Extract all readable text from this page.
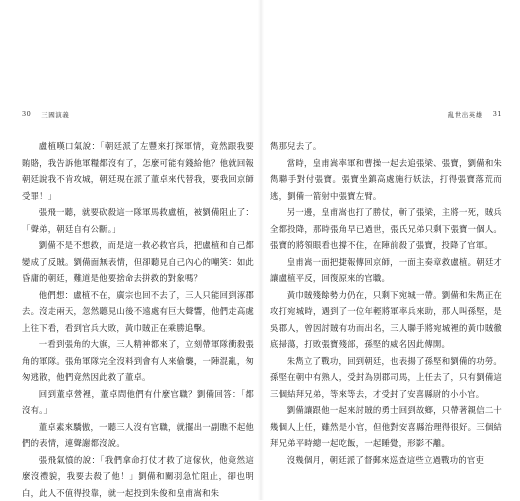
30 三國演義

盧植嘆口氣說：「朝廷派了左豐來打探軍情，竟然跟我要賄賂，我告訴他軍糧都沒有了，怎麼可能有錢給他？他就回報朝廷說我不肯攻城，朝廷現在派了董卓來代替我，要我回京師受罪！」

張飛一聽，就要砍殺這一隊軍馬救盧植，被劉備阻止了：「聲弟，朝廷自有公斷。」

劉備不是不想救，而是這一救必救官兵，把盧植和自己都變成了反賊。劉備面無表情，但卻聽見自己內心的嘲笑：如此昏庸的朝廷，難道是他要捨命去拼救的對象嗎？

他們想：盧植不在，廣宗也回不去了，三人只能回到涿郡去。沒走兩天，忽然聽見山後不遠處有巨大聲響，他們走高處上往下看，看到官兵大敗，黃巾賊正在乘勝追擊。

一看到張角的大旗，三人精神都來了，立刻帶軍隊衝殺張角的軍隊。張角軍隊完全沒料到會有人來偷襲，一陣混亂，匆匆逃散，他們竟然因此救了董卓。

回到董卓營裡，董卓問他們有什麼官職？劉備回答：「都沒有。」

董卓素來驕傲，一聽三人沒有官職，就擺出一副瞧不起他們的表情，連聲謝都沒說。

張飛氣憤的說：「我們拿命打仗才救了這傢伙，他竟然這麼沒禮貌，我要去殺了他！」劉備和關羽急忙阻止，卻也明白，此人不值得投靠，就一起投到朱俊和皇甫嵩和朱

亂世出英雄 31

雋那兒去了。

當時，皇甫嵩率軍和曹操一起去追張梁、張寶，劉備和朱雋聯手對付張寶。張寶坐鎮高處施行妖法，打得張寶落荒而逃，劉備一箭射中張寶左臂。

另一邊，皇甫嵩也打了勝仗，斬了張梁，主將一死，賊兵全都投降，那時張角早已過世，張氏兄弟只剩下張寶一個人。張寶的將領眼看也撐不住，在陣前殺了張寶，投降了官軍。

皇甫嵩一面把捷報傳回京師，一面主奏章救盧植。朝廷才讓盧植平反，回復原來的官職。

黃巾賊殘餘勢力仍在，只剩下宛城一帶。劉備和朱雋正在攻打宛城時，遇到了一位年輕將軍率兵來助，那人叫孫堅，是吳郡人，曾因討賊有功而出名，三人聯手將宛城裡的黃巾賊徹底掃蕩，打敗張寶殘部，孫堅的威名因此傳開。

朱雋立了戰功，回到朝廷，也表揚了孫堅和劉備的功勞。孫堅在朝中有熟人，受封為別郡司馬，上任去了，只有劉備這三個結拜兄弟，等來等去，才受封了安喜縣尉的小小官。

劉備讓跟他一起來討賊的勇士回到故鄉，只帶著親信二十幾個人上任，雖然是小官，但他對安喜縣治理得很好。三個結拜兄弟平時總一起吃飯，一起睡覺，形影不離。

沒幾個月，朝廷派了督郵來巡查這些立過戰功的官吏
